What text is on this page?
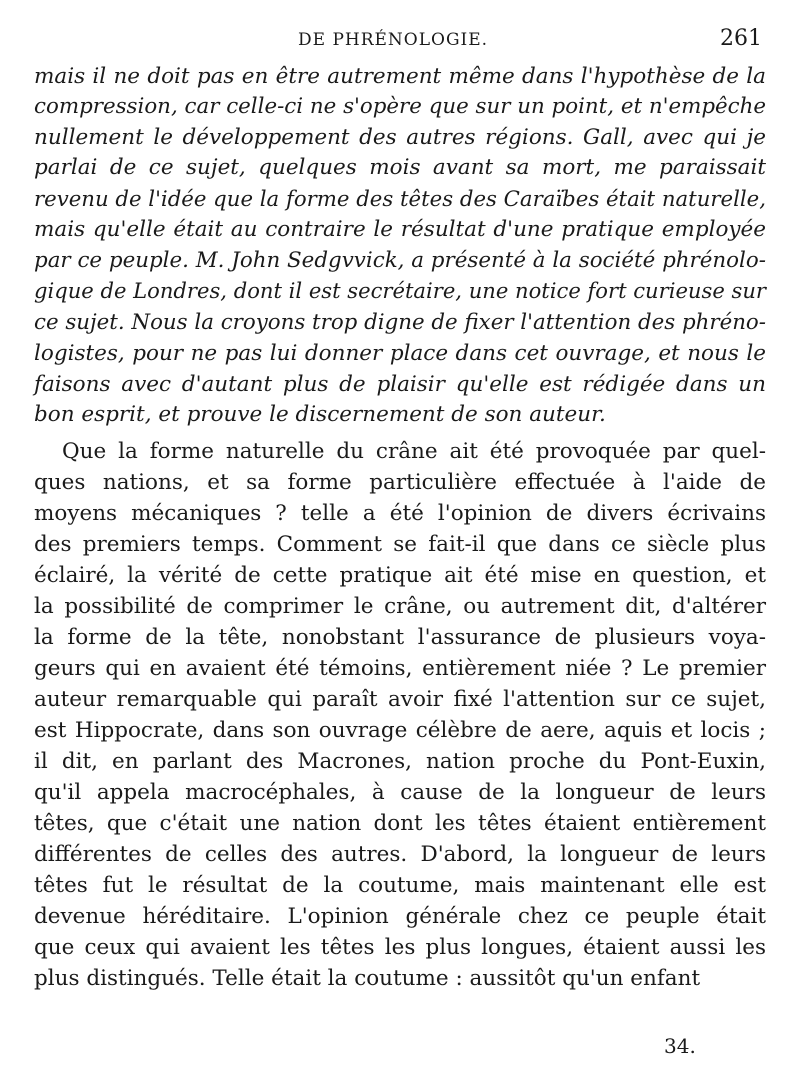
DE PHRÉNOLOGIE.	261
mais il ne doit pas en être autrement même dans l'hypothèse de la
compression, car celle-ci ne s'opère que sur un point, et n'empêche
nullement le développement des autres régions. Gall, avec qui je
parlai de ce sujet, quelques mois avant sa mort, me paraissait
revenu de l'idée que la forme des têtes des Caraïbes était naturelle,
mais qu'elle était au contraire le résultat d'une pratique employée
par ce peuple. M. John Sedgvvick, a présenté à la société phrénolo-
gique de Londres, dont il est secrétaire, une notice fort curieuse sur
ce sujet. Nous la croyons trop digne de fixer l'attention des phréno-
logistes, pour ne pas lui donner place dans cet ouvrage, et nous le
faisons avec d'autant plus de plaisir qu'elle est rédigée dans un
bon esprit, et prouve le discernement de son auteur.
Que la forme naturelle du crâne ait été provoquée par quel-
ques nations, et sa forme particulière effectuée à l'aide de
moyens mécaniques ? telle a été l'opinion de divers écrivains
des premiers temps. Comment se fait-il que dans ce siècle plus
éclairé, la vérité de cette pratique ait été mise en question, et
la possibilité de comprimer le crâne, ou autrement dit, d'altérer
la forme de la tête, nonobstant l'assurance de plusieurs voya-
geurs qui en avaient été témoins, entièrement niée ? Le premier
auteur remarquable qui paraît avoir fixé l'attention sur ce sujet,
est Hippocrate, dans son ouvrage célèbre de aere, aquis et locis ;
il dit, en parlant des Macrones, nation proche du Pont-Euxin,
qu'il appela macrocéphales, à cause de la longueur de leurs
têtes, que c'était une nation dont les têtes étaient entièrement
différentes de celles des autres. D'abord, la longueur de leurs
têtes fut le résultat de la coutume, mais maintenant elle est
devenue héréditaire. L'opinion générale chez ce peuple était
que ceux qui avaient les têtes les plus longues, étaient aussi les
plus distingués. Telle était la coutume : aussitôt qu'un enfant
34.
